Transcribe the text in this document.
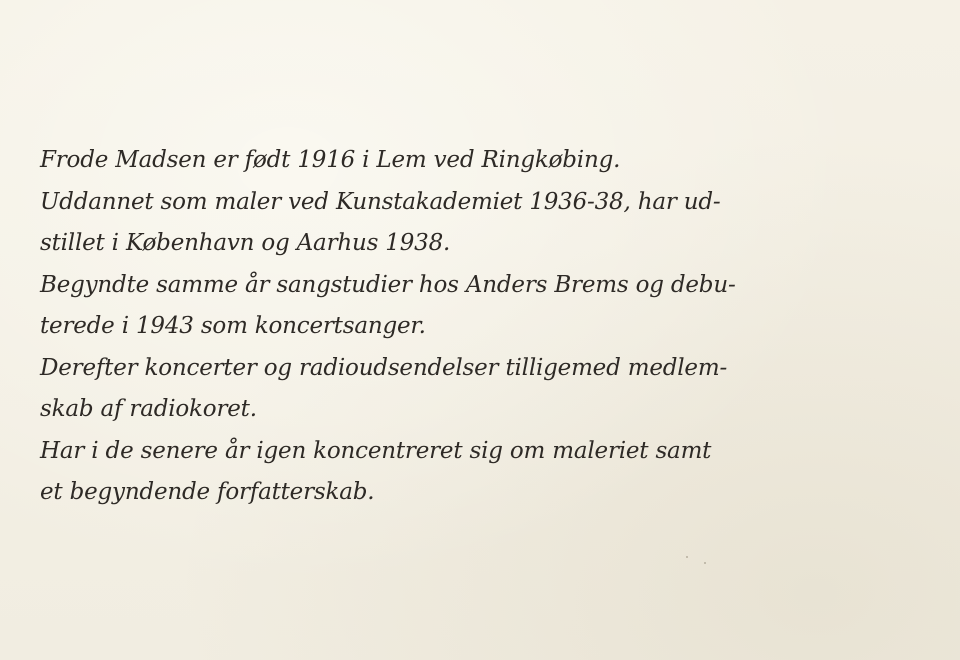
Frode Madsen er født 1916 i Lem ved Ringkøbing.
Uddannet som maler ved Kunstakademiet 1936-38, har ud-
stillet i København og Aarhus 1938.
Begyndte samme år sangstudier hos Anders Brems og debu-
terede i 1943 som koncertsanger.
Derefter koncerter og radioudsendelser tilligemed medlem-
skab af radiokoret.
Har i de senere år igen koncentreret sig om maleriet samt
et begyndende forfatterskab.
